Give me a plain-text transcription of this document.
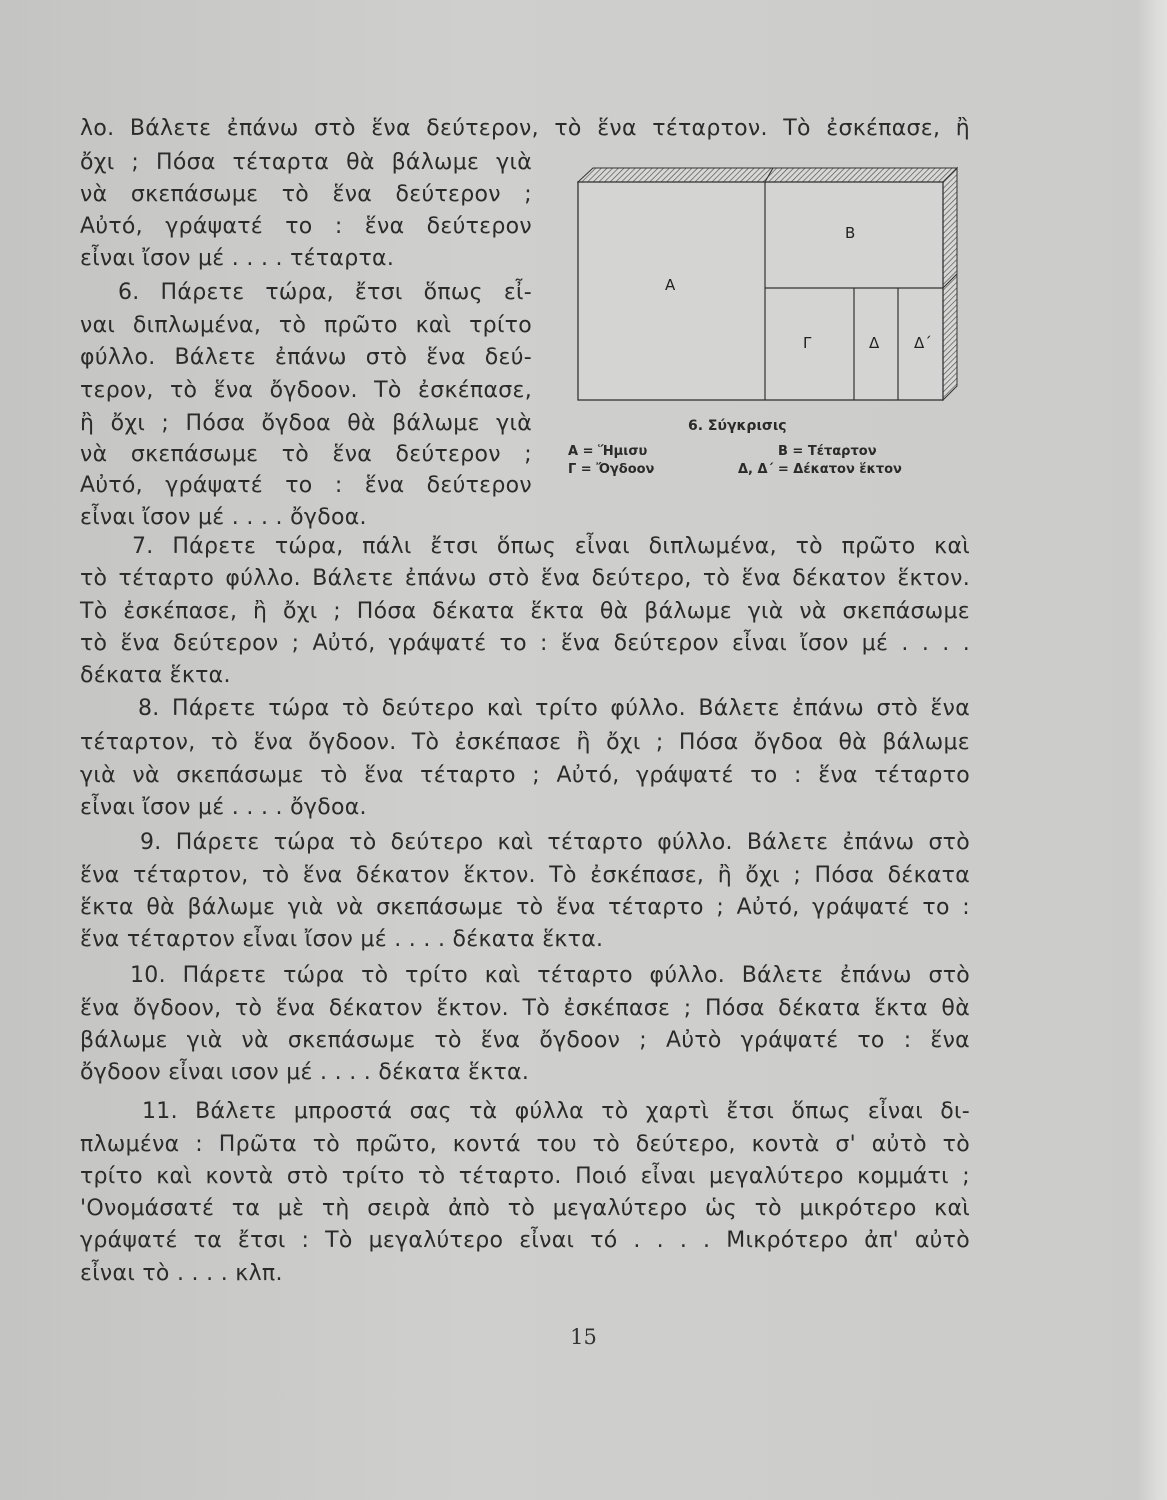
λο. Βάλετε ἐπάνω στὸ ἕνα δεύτερον, τὸ ἕνα τέταρτον. Τὸ ἐσκέπασε, ἢ
ὄχι ; Πόσα τέταρτα θὰ βάλωμε γιὰ
νὰ σκεπάσωμε τὸ ἕνα δεύτερον ;
Αὐτό, γράψατέ το : ἕνα δεύτερον
εἶναι ἴσον μέ . . . . τέταρτα.
6. Πάρετε τώρα, ἔτσι ὅπως εἶ-
ναι διπλωμένα, τὸ πρῶτο καὶ τρίτο
φύλλο. Βάλετε ἐπάνω στὸ ἕνα δεύ-
τερον, τὸ ἕνα ὄγδοον. Τὸ ἐσκέπασε,
ἢ ὄχι ; Πόσα ὄγδοα θὰ βάλωμε γιὰ
νὰ σκεπάσωμε τὸ ἕνα δεύτερον ;
Αὐτό, γράψατέ το : ἕνα δεύτερον
εἶναι ἴσον μέ . . . . ὄγδοα.
7. Πάρετε τώρα, πάλι ἔτσι ὅπως εἶναι διπλωμένα, τὸ πρῶτο καὶ
τὸ τέταρτο φύλλο. Βάλετε ἐπάνω στὸ ἕνα δεύτερο, τὸ ἕνα δέκατον ἕκτον.
Τὸ ἐσκέπασε, ἢ ὄχι ; Πόσα δέκατα ἕκτα θὰ βάλωμε γιὰ νὰ σκεπάσωμε
τὸ ἕνα δεύτερον ; Αὐτό, γράψατέ το : ἕνα δεύτερον εἶναι ἴσον μέ . . . .
δέκατα ἕκτα.
8. Πάρετε τώρα τὸ δεύτερο καὶ τρίτο φύλλο. Βάλετε ἐπάνω στὸ ἕνα
τέταρτον, τὸ ἕνα ὄγδοον. Τὸ ἐσκέπασε ἢ ὄχι ; Πόσα ὄγδοα θὰ βάλωμε
γιὰ νὰ σκεπάσωμε τὸ ἕνα τέταρτο ; Αὐτό, γράψατέ το : ἕνα τέταρτο
εἶναι ἴσον μέ . . . . ὄγδοα.
9. Πάρετε τώρα τὸ δεύτερο καὶ τέταρτο φύλλο. Βάλετε ἐπάνω στὸ
ἕνα τέταρτον, τὸ ἕνα δέκατον ἕκτον. Τὸ ἐσκέπασε, ἢ ὄχι ; Πόσα δέκατα
ἕκτα θὰ βάλωμε γιὰ νὰ σκεπάσωμε τὸ ἕνα τέταρτο ; Αὐτό, γράψατέ το :
ἕνα τέταρτον εἶναι ἴσον μέ . . . . δέκατα ἕκτα.
10. Πάρετε τώρα τὸ τρίτο καὶ τέταρτο φύλλο. Βάλετε ἐπάνω στὸ
ἕνα ὄγδοον, τὸ ἕνα δέκατον ἕκτον. Τὸ ἐσκέπασε ; Πόσα δέκατα ἕκτα θὰ
βάλωμε γιὰ νὰ σκεπάσωμε τὸ ἕνα ὄγδοον ; Αὐτὸ γράψατέ το : ἕνα
ὄγδοον εἶναι ισον μέ . . . . δέκατα ἕκτα.
11. Βάλετε μπροστά σας τὰ φύλλα τὸ χαρτὶ ἔτσι ὅπως εἶναι δι-
πλωμένα : Πρῶτα τὸ πρῶτο, κοντά του τὸ δεύτερο, κοντὰ σ' αὐτὸ τὸ
τρίτο καὶ κοντὰ στὸ τρίτο τὸ τέταρτο. Ποιό εἶναι μεγαλύτερο κομμάτι ;
'Ονομάσατέ τα μὲ τὴ σειρὰ ἀπὸ τὸ μεγαλύτερο ὡς τὸ μικρότερο καὶ
γράψατέ τα ἔτσι : Τὸ μεγαλύτερο εἶναι τό . . . . Μικρότερο ἀπ' αὐτὸ
εἶναι τὸ . . . . κλπ.
Α
Β
Γ	Δ Δ΄
6. Σύγκρισις
Α = Ἥμισυ	Β = Τέταρτον
Γ = Ὄγδοον	Δ, Δ΄ = Δέκατον ἕκτον
15
